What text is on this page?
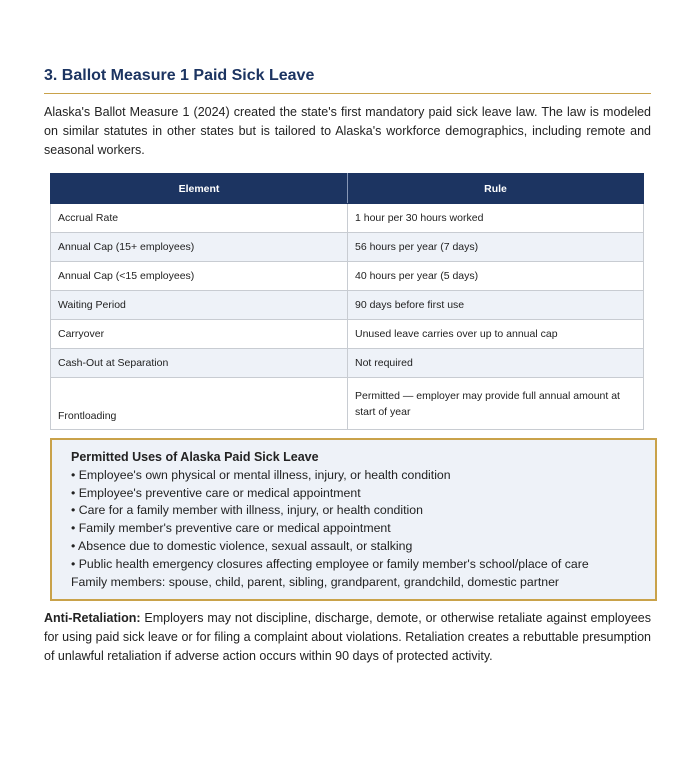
3. Ballot Measure 1 Paid Sick Leave

Alaska's Ballot Measure 1 (2024) created the state's first mandatory paid sick leave law. The law is modeled on similar statutes in other states but is tailored to Alaska's workforce demographics, including remote and seasonal workers.

Element	Rule
Accrual Rate	1 hour per 30 hours worked
Annual Cap (15+ employees)	56 hours per year (7 days)
Annual Cap (<15 employees)	40 hours per year (5 days)
Waiting Period	90 days before first use
Carryover	Unused leave carries over up to annual cap
Cash-Out at Separation	Not required
Frontloading	Permitted — employer may provide full annual amount at start of year
Permitted Uses of Alaska Paid Sick Leave
• Employee's own physical or mental illness, injury, or health condition
• Employee's preventive care or medical appointment
• Care for a family member with illness, injury, or health condition
• Family member's preventive care or medical appointment
• Absence due to domestic violence, sexual assault, or stalking
• Public health emergency closures affecting employee or family member's school/place of care
Family members: spouse, child, parent, sibling, grandparent, grandchild, domestic partner

Anti-Retaliation: Employers may not discipline, discharge, demote, or otherwise retaliate against employees for using paid sick leave or for filing a complaint about violations. Retaliation creates a rebuttable presumption of unlawful retaliation if adverse action occurs within 90 days of protected activity.
